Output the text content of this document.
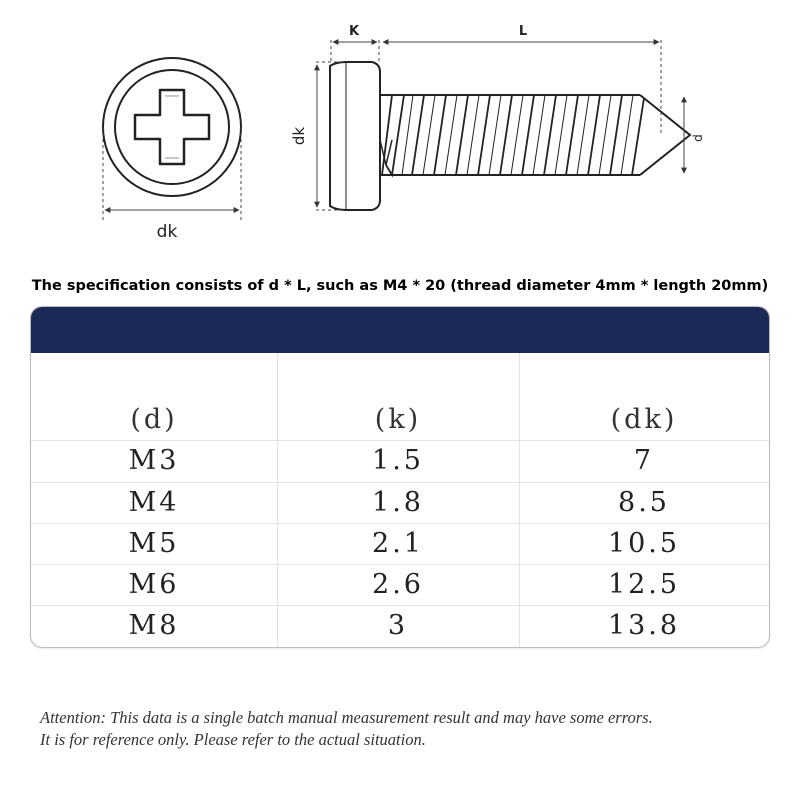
dk
K	L
dk	d
The specification consists of d * L, such as M4 * 20 (thread diameter 4mm * length 20mm)
(d)	(k)	(dk)
M3	1.5	7
M4	1.8	8.5
M5	2.1	10.5
M6	2.6	12.5
M8	3	13.8
Attention: This data is a single batch manual measurement result and may have some errors.
It is for reference only. Please refer to the actual situation.
